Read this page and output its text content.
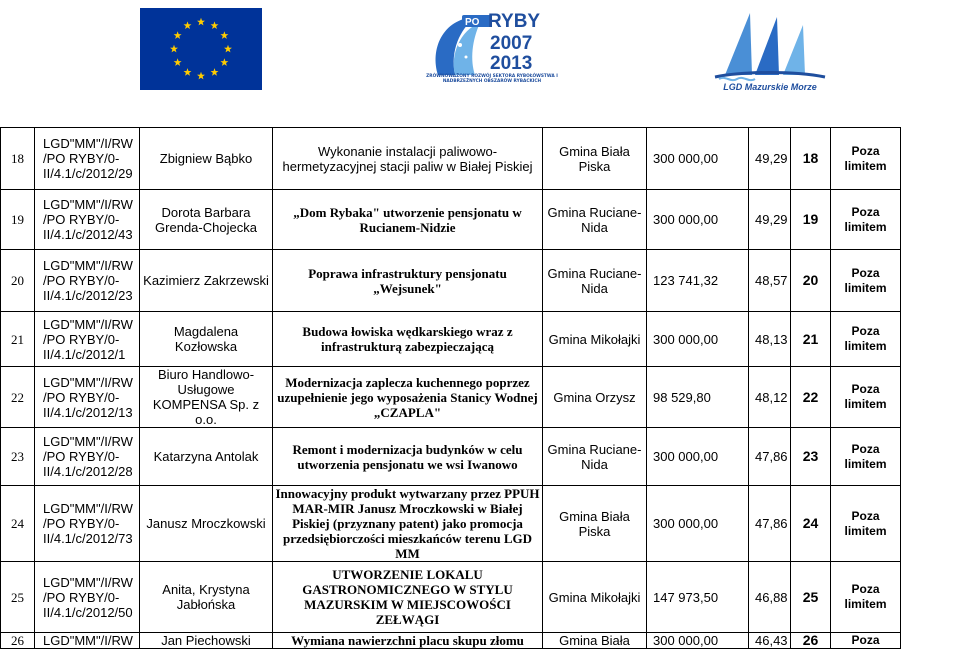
PO RYBY
2007
2013
ZRÓWNOWAŻONY ROZWÓJ SEKTORA RYBOŁÓWSTWA I NADBRZEŻNYCH OBSZARÓW RYBACKICH
LGD Mazurskie Morze
18	LGD"MM"/I/RW /PO RYBY/0-II/4.1/c/2012/29	Zbigniew Bąbko	Wykonanie instalacji paliwowo-hermetyzacyjnej stacji paliw w Białej Piskiej	Gmina Biała Piska	300 000,00	49,29	18	Poza limitem
19	LGD"MM"/I/RW /PO RYBY/0-II/4.1/c/2012/43	Dorota Barbara Grenda-Chojecka	„Dom Rybaka" utworzenie pensjonatu w Rucianem-Nidzie	Gmina Ruciane-Nida	300 000,00	49,29	19	Poza limitem
20	LGD"MM"/I/RW /PO RYBY/0-II/4.1/c/2012/23	Kazimierz Zakrzewski	Poprawa infrastruktury pensjonatu „Wejsunek"	Gmina Ruciane-Nida	123 741,32	48,57	20	Poza limitem
21	LGD"MM"/I/RW /PO RYBY/0-II/4.1/c/2012/1	Magdalena Kozłowska	Budowa łowiska wędkarskiego wraz z infrastrukturą zabezpieczającą	Gmina Mikołajki	300 000,00	48,13	21	Poza limitem
22	LGD"MM"/I/RW /PO RYBY/0-II/4.1/c/2012/13	Biuro Handlowo-Usługowe KOMPENSA Sp. z o.o.	Modernizacja zaplecza kuchennego poprzez uzupełnienie jego wyposażenia Stanicy Wodnej „CZAPLA"	Gmina Orzysz	98 529,80	48,12	22	Poza limitem
23	LGD"MM"/I/RW /PO RYBY/0-II/4.1/c/2012/28	Katarzyna Antolak	Remont i modernizacja budynków w celu utworzenia pensjonatu we wsi Iwanowo	Gmina Ruciane-Nida	300 000,00	47,86	23	Poza limitem
24	LGD"MM"/I/RW /PO RYBY/0-II/4.1/c/2012/73	Janusz Mroczkowski	Innowacyjny produkt wytwarzany przez PPUH MAR-MIR Janusz Mroczkowski w Białej Piskiej (przyznany patent) jako promocja przedsiębiorczości mieszkańców terenu LGD MM	Gmina Biała Piska	300 000,00	47,86	24	Poza limitem
25	LGD"MM"/I/RW /PO RYBY/0-II/4.1/c/2012/50	Anita, Krystyna Jabłońska	UTWORZENIE LOKALU GASTRONOMICZNEGO W STYLU MAZURSKIM W MIEJSCOWOŚCI ZEŁWĄGI	Gmina Mikołajki	147 973,50	46,88	25	Poza limitem
26	LGD"MM"/I/RW	Jan Piechowski	Wymiana nawierzchni placu skupu złomu	Gmina Biała	300 000,00	46,43	26	Poza
